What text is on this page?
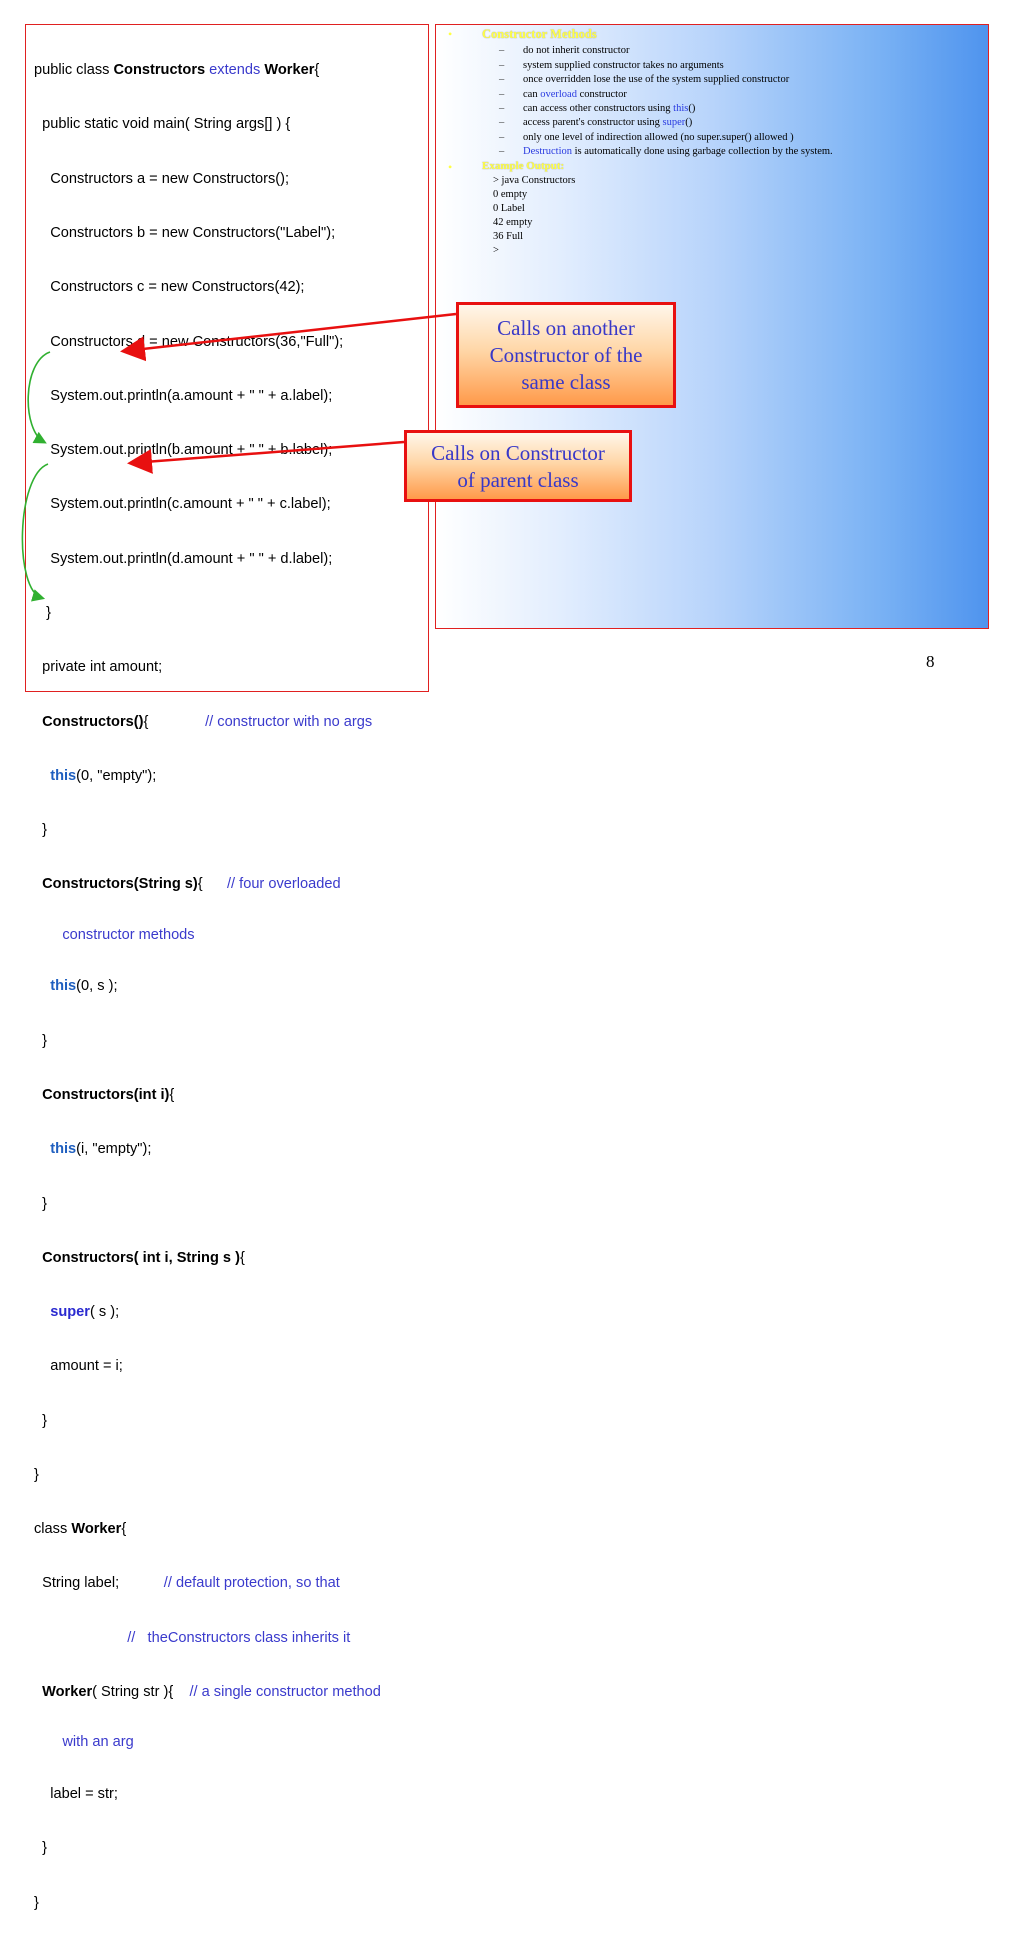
public class Constructors extends Worker{

public static void main( String args[] ) {

Constructors a = new Constructors();

Constructors b = new Constructors("Label");

Constructors c = new Constructors(42);

Constructors d = new Constructors(36,"Full");

System.out.println(a.amount + " " + a.label);

System.out.println(b.amount + " " + b.label);

System.out.println(c.amount + " " + c.label);

System.out.println(d.amount + " " + d.label);

}

private int amount;

Constructors(){              // constructor with no args

this(0, "empty");

}

Constructors(String s){      // four overloaded

constructor methods

this(0, s );

}

Constructors(int i){

this(i, "empty");

}

Constructors( int i, String s ){

super( s );

amount = i;

}

}

class Worker{

String label;           // default protection, so that

//   theConstructors class inherits it

Worker( String str ){    // a single constructor method

with an arg

label = str;

}

}

• Constructor Methods
– do not inherit constructor
– system supplied constructor takes no arguments
– once overridden lose the use of the system supplied constructor
– can overload constructor
– can access other constructors using this()
– access parent's constructor using super()
– only one level of indirection allowed (no super.super() allowed )
– Destruction is automatically done using garbage collection by the system.
•	Example Output:
> java Constructors
0 empty
0 Label
42 empty
36 Full
>
Calls on another
Constructor of the
same class
Calls on Constructor
of parent class
8
